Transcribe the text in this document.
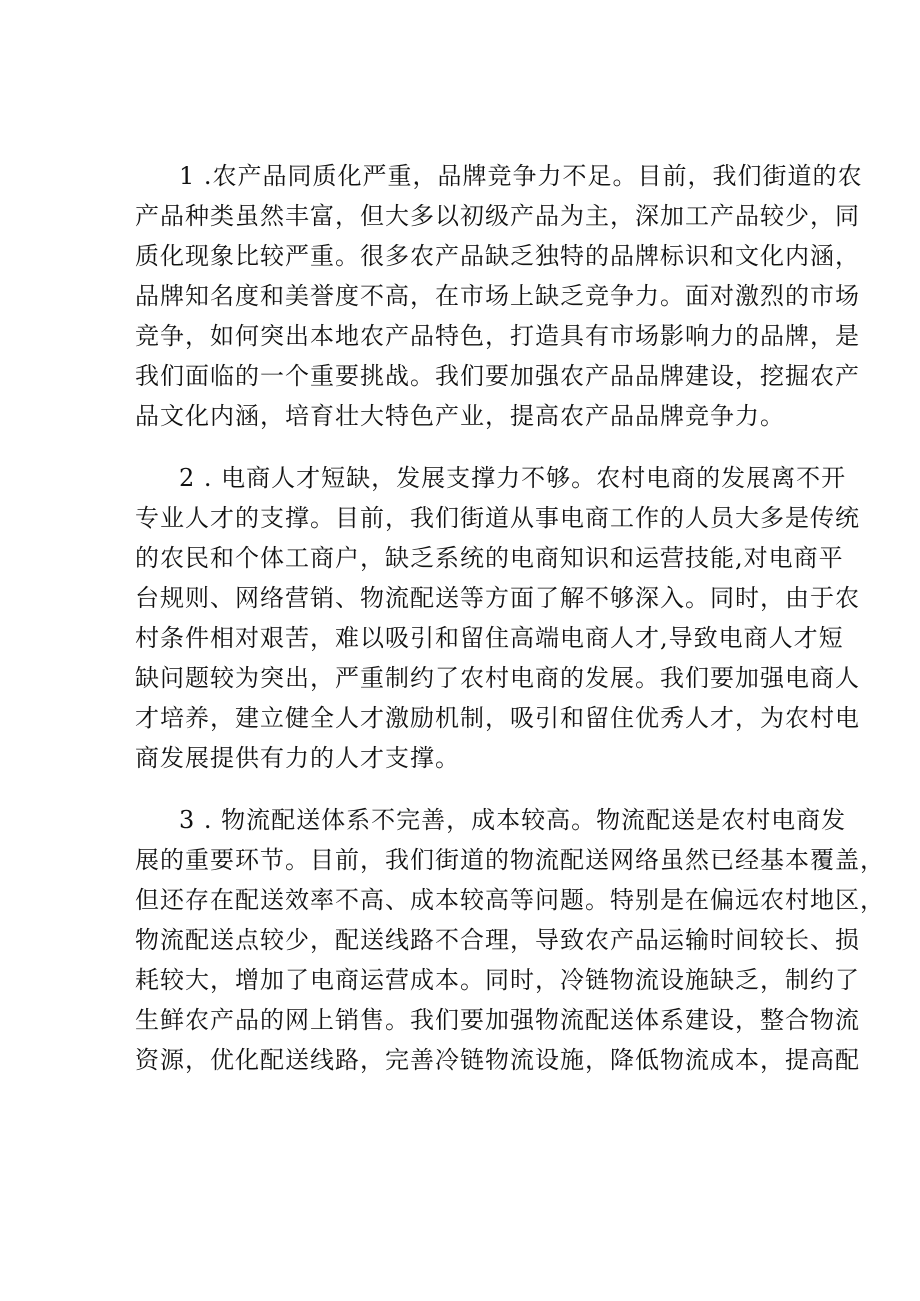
1 .农产品同质化严重，品牌竞争力不足。目前，我们街道的农
产品种类虽然丰富，但大多以初级产品为主，深加工产品较少，同
质化现象比较严重。很多农产品缺乏独特的品牌标识和文化内涵，
品牌知名度和美誉度不高，在市场上缺乏竞争力。面对激烈的市场
竞争，如何突出本地农产品特色，打造具有市场影响力的品牌，是
我们面临的一个重要挑战。我们要加强农产品品牌建设，挖掘农产
品文化内涵，培育壮大特色产业，提高农产品品牌竞争力。

2 . 电商人才短缺，发展支撑力不够。农村电商的发展离不开
专业人才的支撑。目前，我们街道从事电商工作的人员大多是传统
的农民和个体工商户，缺乏系统的电商知识和运营技能,对电商平
台规则、网络营销、物流配送等方面了解不够深入。同时，由于农
村条件相对艰苦，难以吸引和留住高端电商人才,导致电商人才短
缺问题较为突出，严重制约了农村电商的发展。我们要加强电商人
才培养，建立健全人才激励机制，吸引和留住优秀人才，为农村电
商发展提供有力的人才支撑。

3 . 物流配送体系不完善，成本较高。物流配送是农村电商发
展的重要环节。目前，我们街道的物流配送网络虽然已经基本覆盖，
但还存在配送效率不高、成本较高等问题。特别是在偏远农村地区，
物流配送点较少，配送线路不合理，导致农产品运输时间较长、损
耗较大，增加了电商运营成本。同时，冷链物流设施缺乏，制约了
生鲜农产品的网上销售。我们要加强物流配送体系建设，整合物流
资源，优化配送线路，完善冷链物流设施，降低物流成本，提高配
